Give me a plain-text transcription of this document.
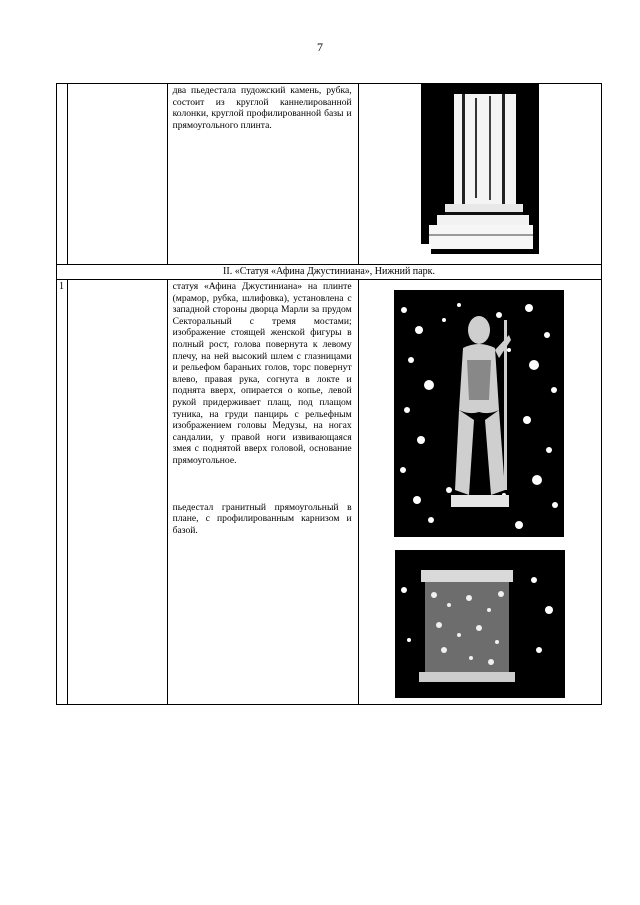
7

		два пьедестала пудожский камень, рубка, состоит из круглой каннелированной колонки, круглой профилированной базы и прямоугольного плинта.

II. «Статуя «Афина Джустиниана», Нижний парк.			

1		статуя «Афина Джустиниана» на плинте (мрамор, рубка, шлифовка), установлена с западной стороны дворца Марли за прудом Секторальный с тремя мостами; изображение стоящей женской фигуры в полный рост, голова повернута к левому плечу, на ней высокий шлем с глазницами и рельефом бараньих голов, торс повернут влево, правая рука, согнута в локте и поднята вверх, опирается о копье, левой рукой придерживает плащ, под плащом туника, на груди панцирь с рельефным изображением головы Медузы, на ногах сандалии, у правой ноги извивающаяся змея с поднятой вверх головой, основание прямоугольное.
пьедестал гранитный прямоугольный в плане, с профилированным карнизом и базой.
